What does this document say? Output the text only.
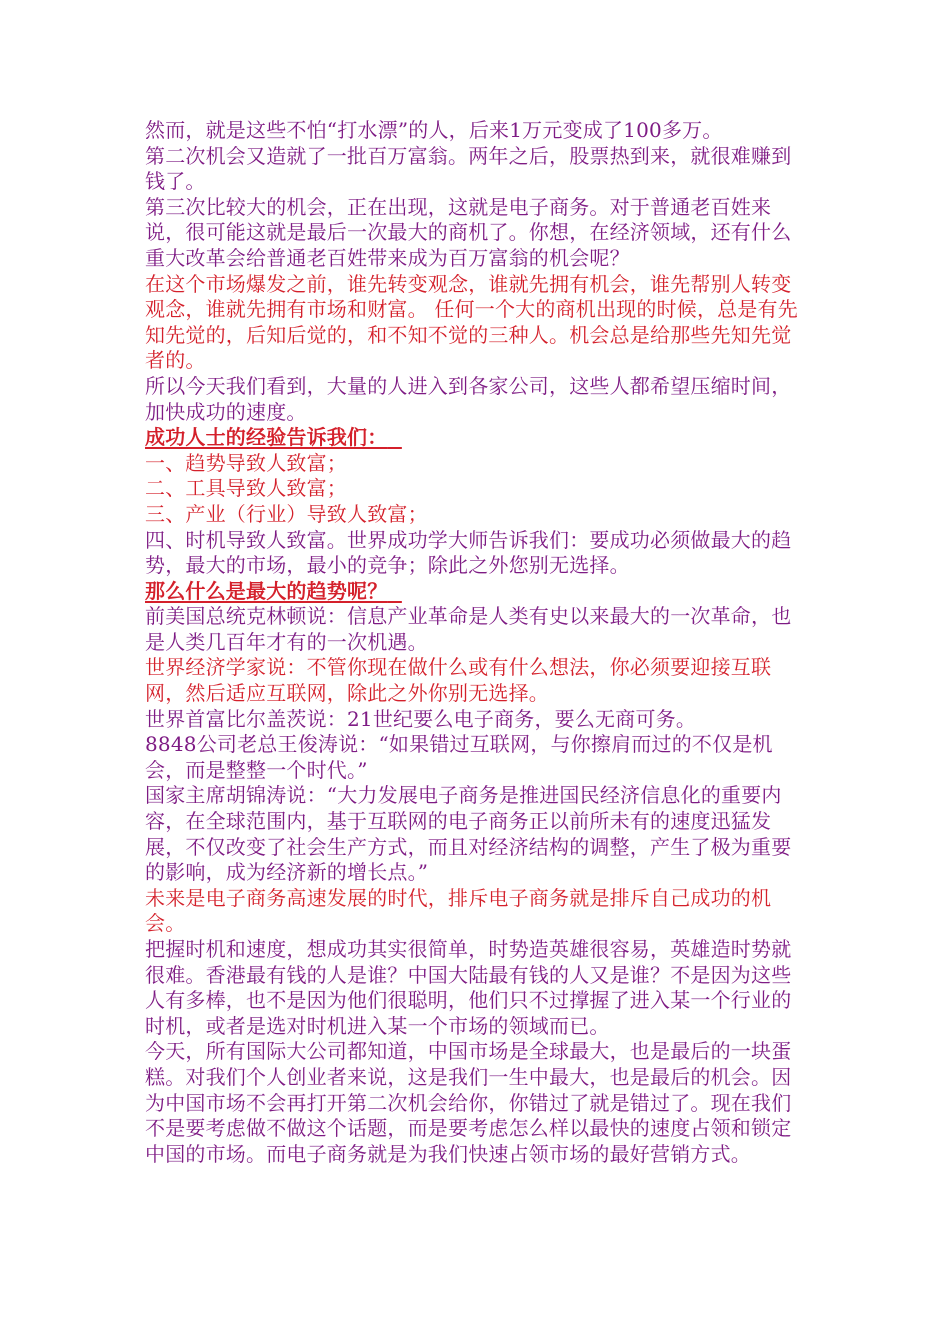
然而，就是这些不怕“打水漂”的人，后来1万元变成了100多万。

第二次机会又造就了一批百万富翁。两年之后，股票热到来，就很难赚到钱了。

第三次比较大的机会，正在出现，这就是电子商务。对于普通老百姓来说，很可能这就是最后一次最大的商机了。你想，在经济领域，还有什么重大改革会给普通老百姓带来成为百万富翁的机会呢？

在这个市场爆发之前，谁先转变观念，谁就先拥有机会，谁先帮别人转变观念，谁就先拥有市场和财富。 任何一个大的商机出现的时候，总是有先知先觉的，后知后觉的，和不知不觉的三种人。机会总是给那些先知先觉者的。

所以今天我们看到，大量的人进入到各家公司，这些人都希望压缩时间，加快成功的速度。

成功人士的经验告诉我们：

一、趋势导致人致富；

二、工具导致人致富；

三、产业（行业）导致人致富；

四、时机导致人致富。世界成功学大师告诉我们：要成功必须做最大的趋势，最大的市场，最小的竞争；除此之外您别无选择。

那么什么是最大的趋势呢？

前美国总统克林顿说：信息产业革命是人类有史以来最大的一次革命，也是人类几百年才有的一次机遇。

世界经济学家说：不管你现在做什么或有什么想法，你必须要迎接互联网，然后适应互联网，除此之外你别无选择。

世界首富比尔盖茨说：21世纪要么电子商务，要么无商可务。

8848公司老总王俊涛说：“如果错过互联网，与你擦肩而过的不仅是机会，而是整整一个时代。”

国家主席胡锦涛说：“大力发展电子商务是推进国民经济信息化的重要内容，在全球范围内，基于互联网的电子商务正以前所未有的速度迅猛发展，不仅改变了社会生产方式，而且对经济结构的调整，产生了极为重要的影响，成为经济新的增长点。”

未来是电子商务高速发展的时代，排斥电子商务就是排斥自己成功的机会。

把握时机和速度，想成功其实很简单，时势造英雄很容易，英雄造时势就很难。香港最有钱的人是谁？中国大陆最有钱的人又是谁？不是因为这些人有多棒，也不是因为他们很聪明，他们只不过撑握了进入某一个行业的时机，或者是选对时机进入某一个市场的领域而已。

今天，所有国际大公司都知道，中国市场是全球最大，也是最后的一块蛋糕。对我们个人创业者来说，这是我们一生中最大，也是最后的机会。因为中国市场不会再打开第二次机会给你，你错过了就是错过了。现在我们不是要考虑做不做这个话题，而是要考虑怎么样以最快的速度占领和锁定中国的市场。而电子商务就是为我们快速占领市场的最好营销方式。
